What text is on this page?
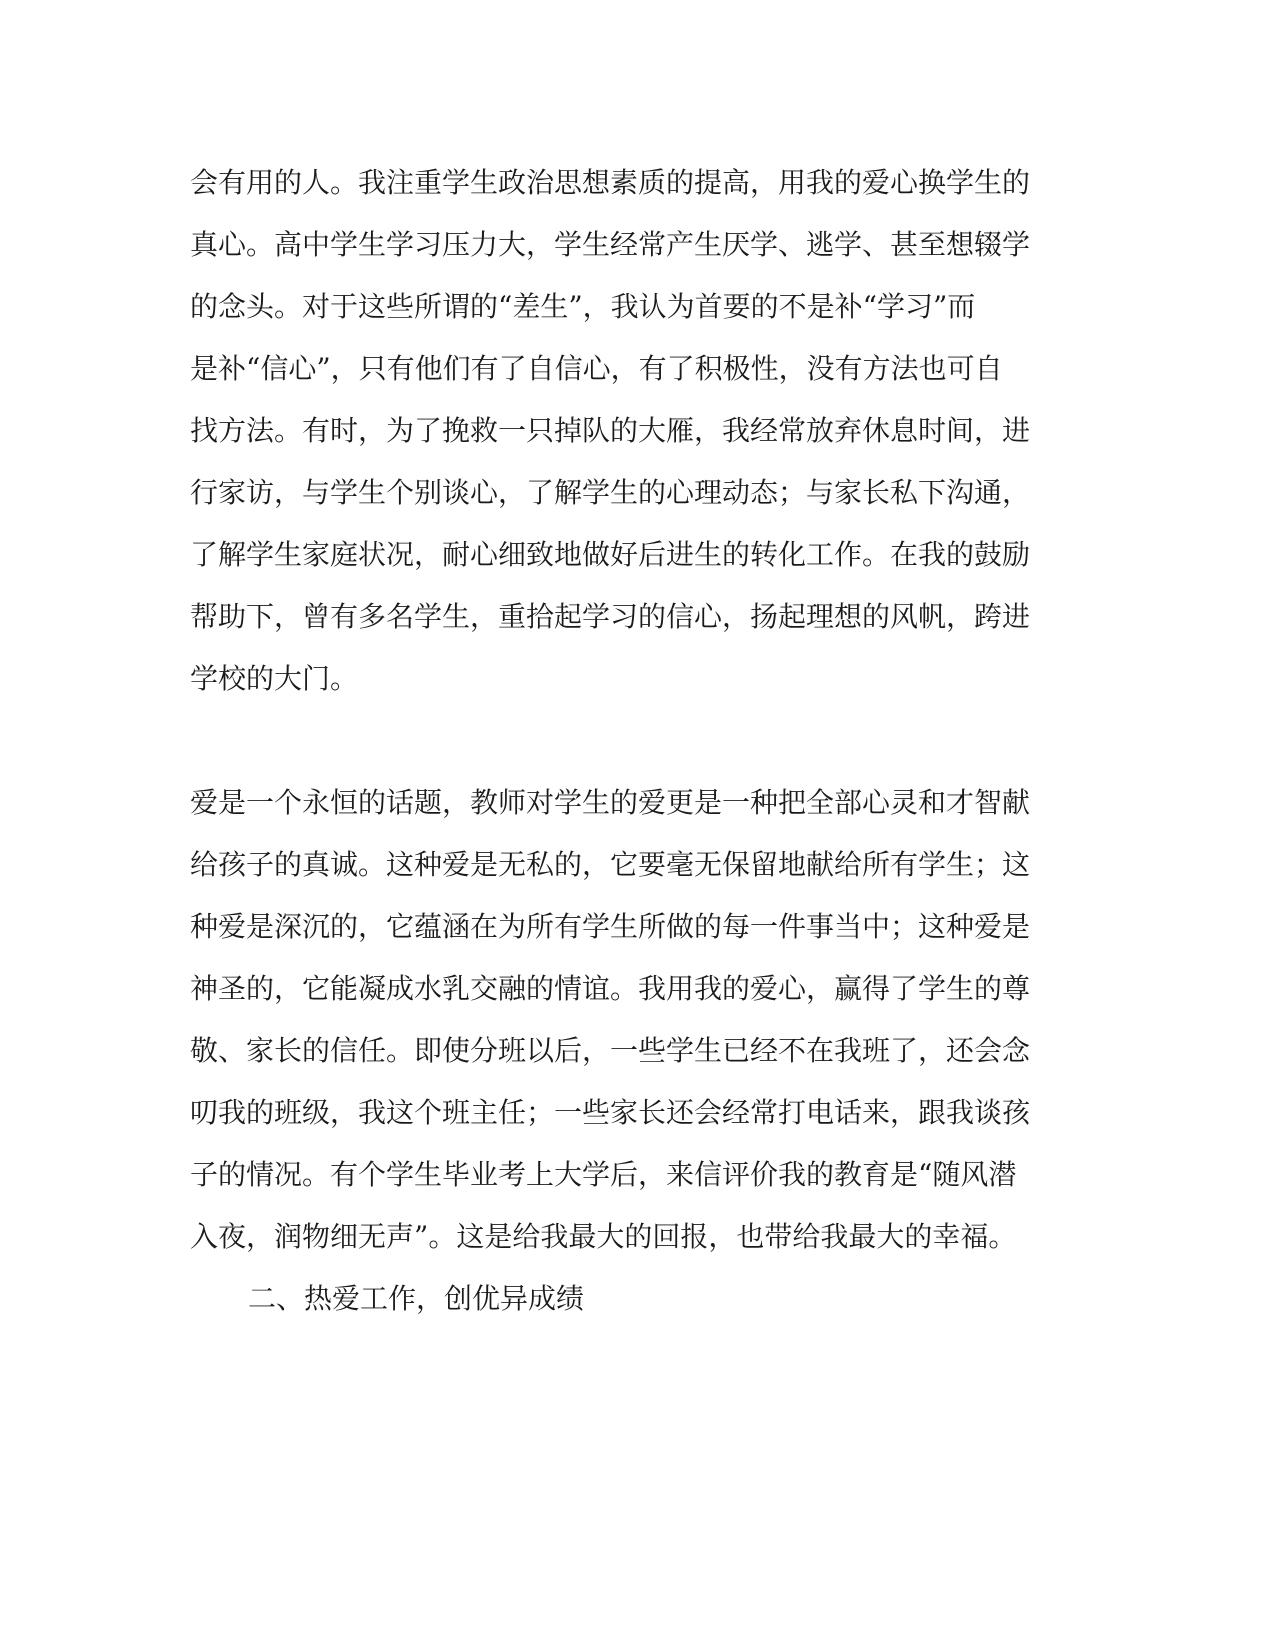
会有用的人。我注重学生政治思想素质的提高，用我的爱心换学生的
真心。高中学生学习压力大，学生经常产生厌学、逃学、甚至想辍学
的念头。对于这些所谓的“差生”，我认为首要的不是补“学习”而
是补“信心”，只有他们有了自信心，有了积极性，没有方法也可自
找方法。有时，为了挽救一只掉队的大雁，我经常放弃休息时间，进
行家访，与学生个别谈心，了解学生的心理动态；与家长私下沟通，
了解学生家庭状况，耐心细致地做好后进生的转化工作。在我的鼓励
帮助下，曾有多名学生，重拾起学习的信心，扬起理想的风帆，跨进
学校的大门。
爱是一个永恒的话题，教师对学生的爱更是一种把全部心灵和才智献
给孩子的真诚。这种爱是无私的，它要毫无保留地献给所有学生；这
种爱是深沉的，它蕴涵在为所有学生所做的每一件事当中；这种爱是
神圣的，它能凝成水乳交融的情谊。我用我的爱心，赢得了学生的尊
敬、家长的信任。即使分班以后，一些学生已经不在我班了，还会念
叨我的班级，我这个班主任；一些家长还会经常打电话来，跟我谈孩
子的情况。有个学生毕业考上大学后，来信评价我的教育是“随风潜
入夜，润物细无声”。这是给我最大的回报，也带给我最大的幸福。
二、热爱工作，创优异成绩
